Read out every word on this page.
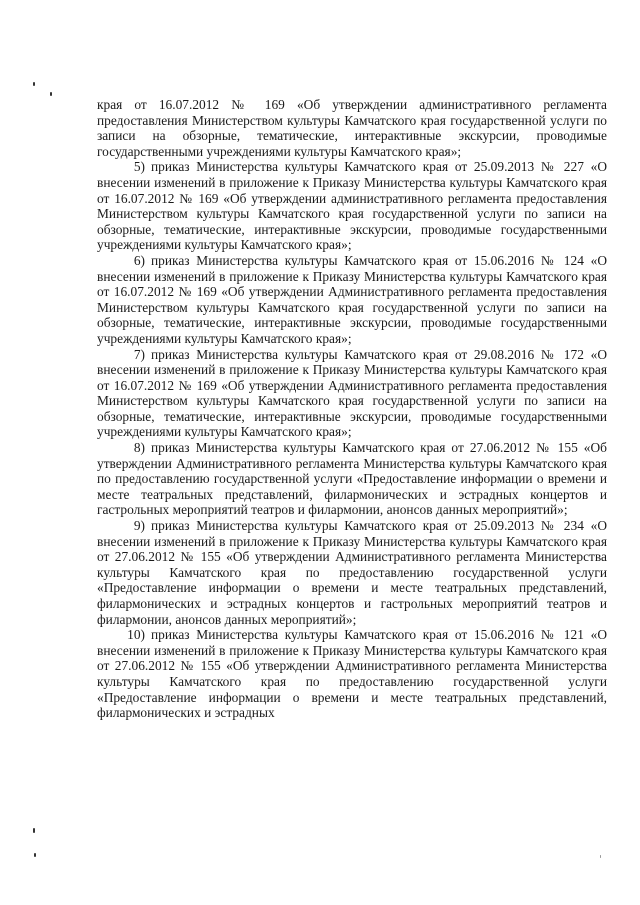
края от 16.07.2012 № 169 «Об утверждении административного регламента предоставления Министерством культуры Камчатского края государственной услуги по записи на обзорные, тематические, интерактивные экскурсии, проводимые государственными учреждениями культуры Камчатского края»;

5) приказ Министерства культуры Камчатского края от 25.09.2013 № 227 «О внесении изменений в приложение к Приказу Министерства культуры Камчатского края от 16.07.2012 № 169 «Об утверждении административного регламента предоставления Министерством культуры Камчатского края государственной услуги по записи на обзорные, тематические, интерактивные экскурсии, проводимые государственными учреждениями культуры Камчатского края»;

6) приказ Министерства культуры Камчатского края от 15.06.2016 № 124 «О внесении изменений в приложение к Приказу Министерства культуры Камчатского края от 16.07.2012 № 169 «Об утверждении Административного регламента предоставления Министерством культуры Камчатского края государственной услуги по записи на обзорные, тематические, интерактивные экскурсии, проводимые государственными учреждениями культуры Камчатского края»;

7) приказ Министерства культуры Камчатского края от 29.08.2016 № 172 «О внесении изменений в приложение к Приказу Министерства культуры Камчатского края от 16.07.2012 № 169 «Об утверждении Административного регламента предоставления Министерством культуры Камчатского края государственной услуги по записи на обзорные, тематические, интерактивные экскурсии, проводимые государственными учреждениями культуры Камчатского края»;

8) приказ Министерства культуры Камчатского края от 27.06.2012 № 155 «Об утверждении Административного регламента Министерства культуры Камчатского края по предоставлению государственной услуги «Предоставление информации о времени и месте театральных представлений, филармонических и эстрадных концертов и гастрольных мероприятий театров и филармонии, анонсов данных мероприятий»;

9) приказ Министерства культуры Камчатского края от 25.09.2013 № 234 «О внесении изменений в приложение к Приказу Министерства культуры Камчатского края от 27.06.2012 № 155 «Об утверждении Административного регламента Министерства культуры Камчатского края по предоставлению государственной услуги «Предоставление информации о времени и месте театральных представлений, филармонических и эстрадных концертов и гастрольных мероприятий театров и филармонии, анонсов данных мероприятий»;

10) приказ Министерства культуры Камчатского края от 15.06.2016 № 121 «О внесении изменений в приложение к Приказу Министерства культуры Камчатского края от 27.06.2012 № 155 «Об утверждении Административного регламента Министерства культуры Камчатского края по предоставлению государственной услуги «Предоставление информации о времени и месте театральных представлений, филармонических и эстрадных
